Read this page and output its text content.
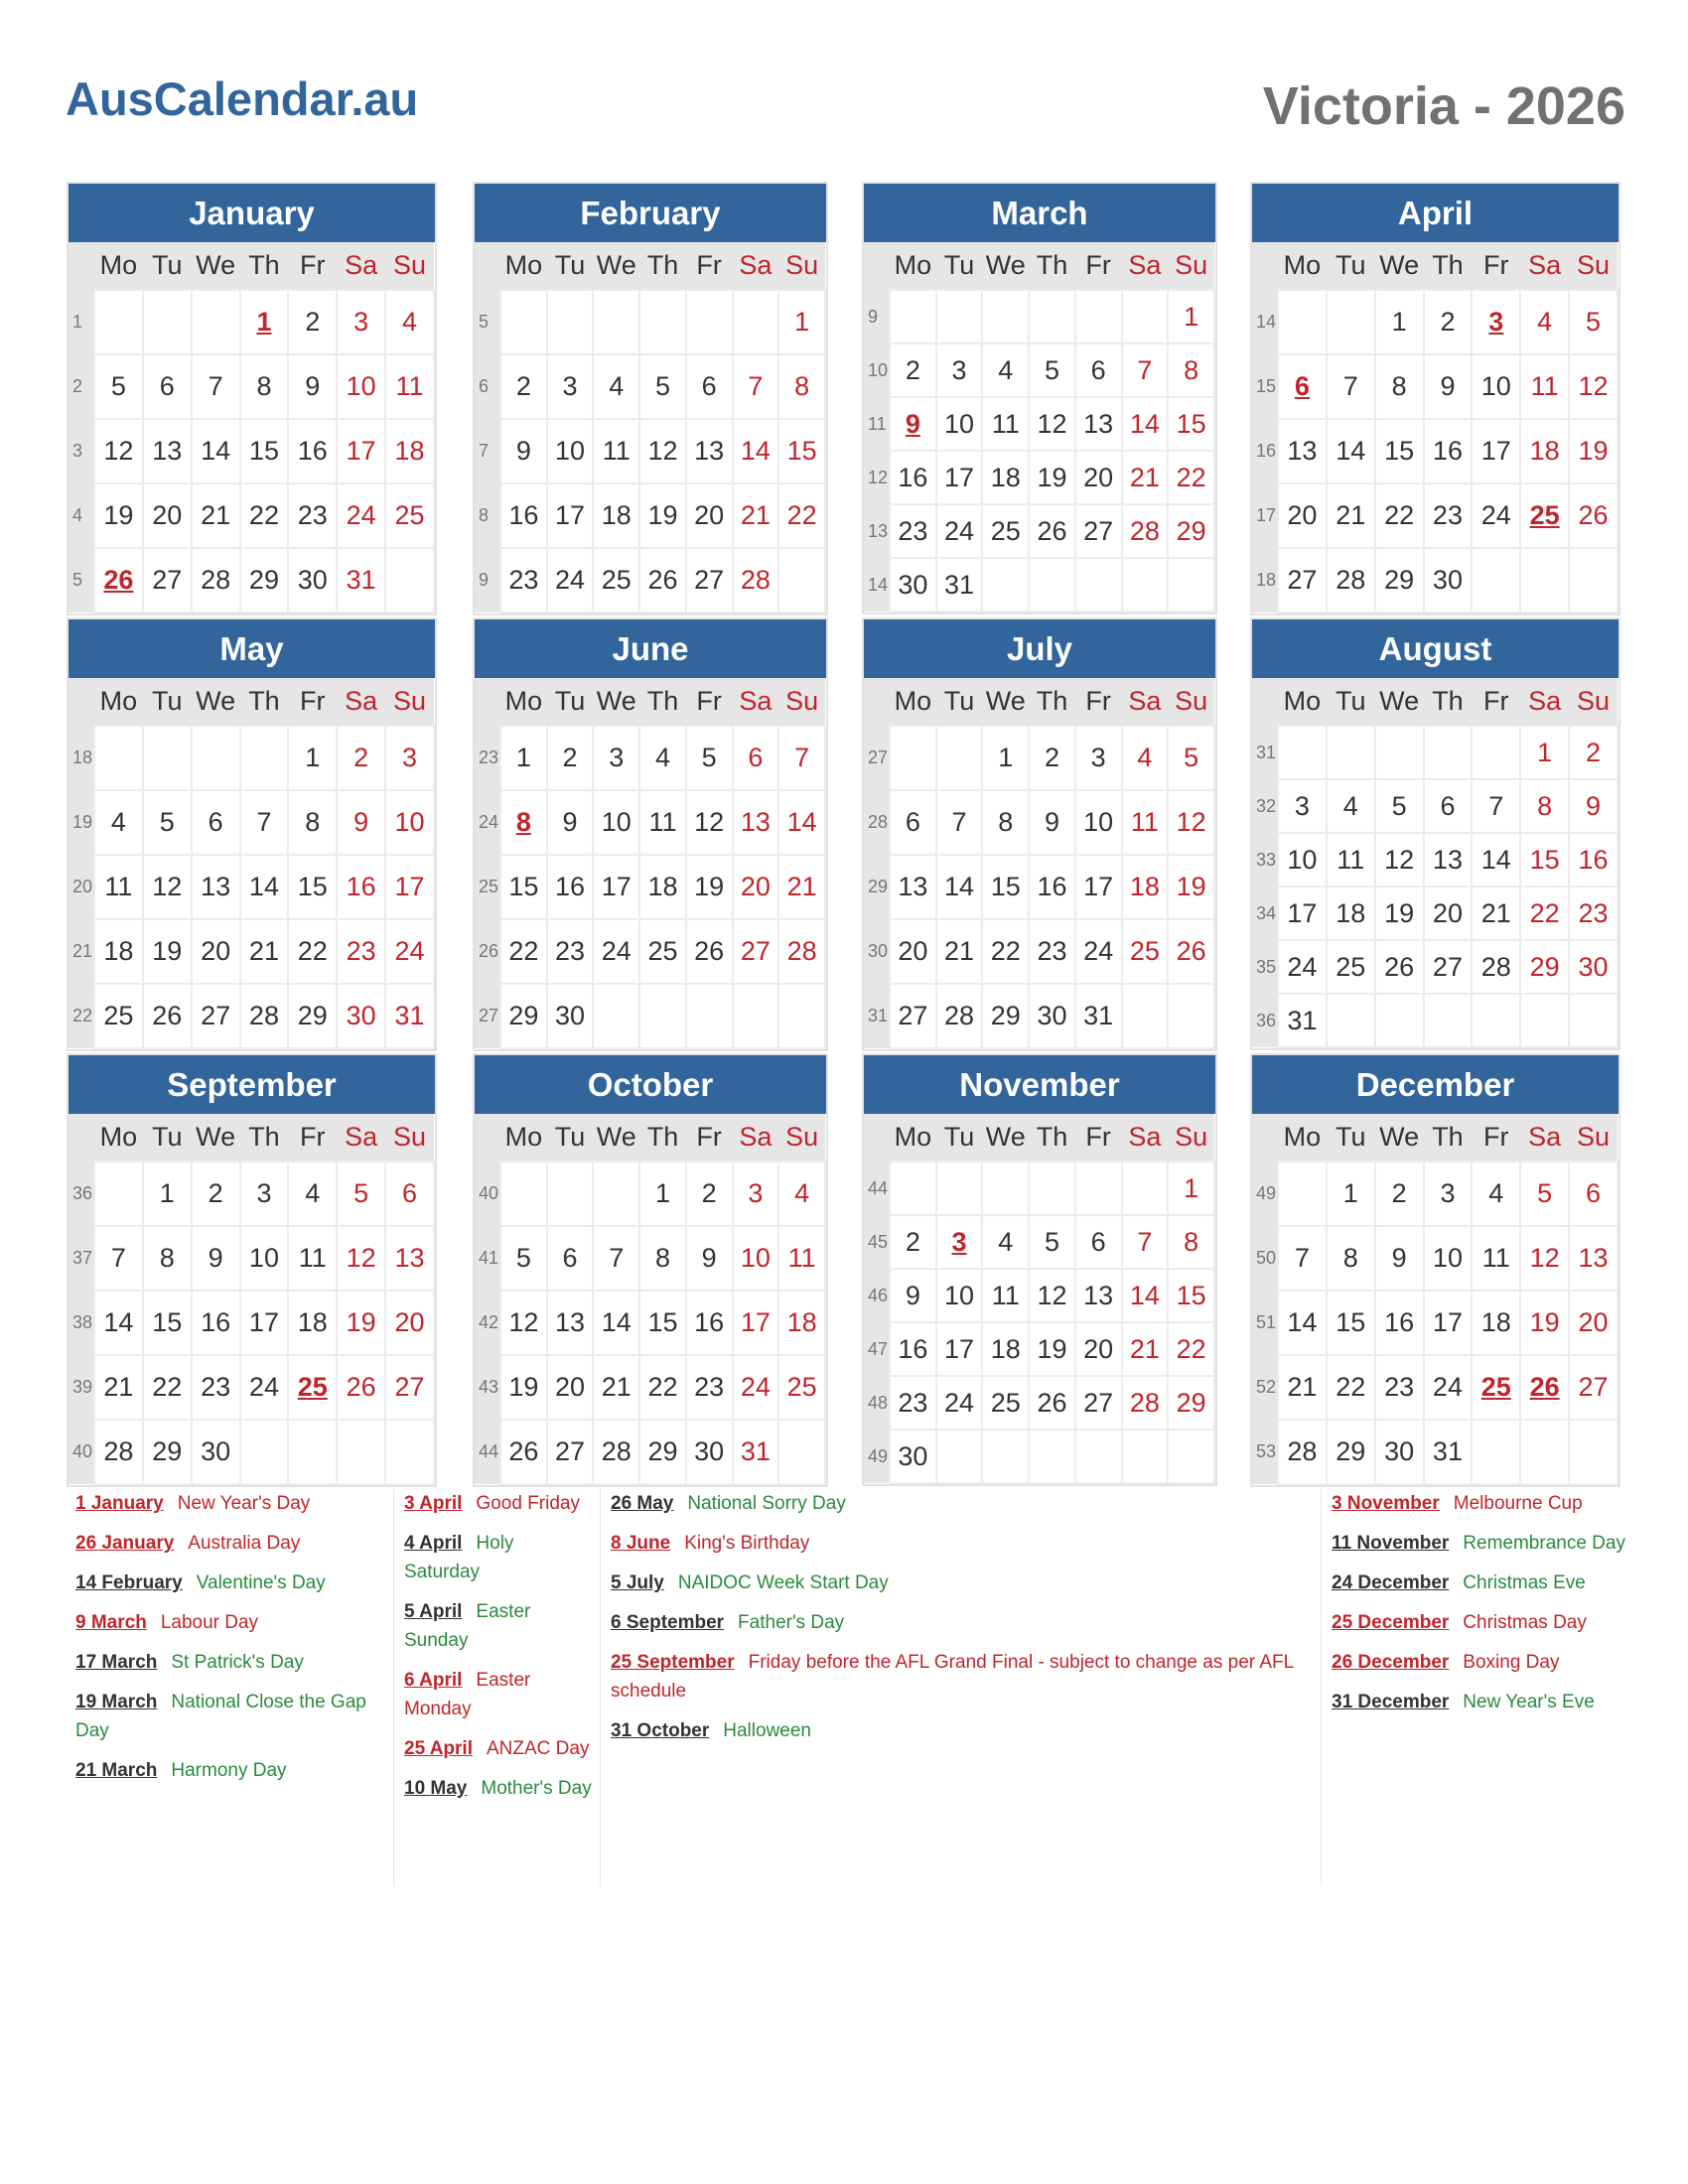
AusCalendar.au	Victoria - 2026
January
	Mo	Tu	We	Th	Fr	Sa	Su
1				1	2	3	4
2	5	6	7	8	9	10	11
3	12	13	14	15	16	17	18
4	19	20	21	22	23	24	25
5	26	27	28	29	30	31	
February
	Mo	Tu	We	Th	Fr	Sa	Su
5							1
6	2	3	4	5	6	7	8
7	9	10	11	12	13	14	15
8	16	17	18	19	20	21	22
9	23	24	25	26	27	28	
March
	Mo	Tu	We	Th	Fr	Sa	Su
9							1
10	2	3	4	5	6	7	8
11	9	10	11	12	13	14	15
12	16	17	18	19	20	21	22
13	23	24	25	26	27	28	29
14	30	31					
April
	Mo	Tu	We	Th	Fr	Sa	Su
14			1	2	3	4	5
15	6	7	8	9	10	11	12
16	13	14	15	16	17	18	19
17	20	21	22	23	24	25	26
18	27	28	29	30			
May
	Mo	Tu	We	Th	Fr	Sa	Su
18					1	2	3
19	4	5	6	7	8	9	10
20	11	12	13	14	15	16	17
21	18	19	20	21	22	23	24
22	25	26	27	28	29	30	31
June
	Mo	Tu	We	Th	Fr	Sa	Su
23	1	2	3	4	5	6	7
24	8	9	10	11	12	13	14
25	15	16	17	18	19	20	21
26	22	23	24	25	26	27	28
27	29	30					
July
	Mo	Tu	We	Th	Fr	Sa	Su
27			1	2	3	4	5
28	6	7	8	9	10	11	12
29	13	14	15	16	17	18	19
30	20	21	22	23	24	25	26
31	27	28	29	30	31		
August
	Mo	Tu	We	Th	Fr	Sa	Su
31						1	2
32	3	4	5	6	7	8	9
33	10	11	12	13	14	15	16
34	17	18	19	20	21	22	23
35	24	25	26	27	28	29	30
36	31						
September
	Mo	Tu	We	Th	Fr	Sa	Su
36		1	2	3	4	5	6
37	7	8	9	10	11	12	13
38	14	15	16	17	18	19	20
39	21	22	23	24	25	26	27
40	28	29	30				
October
	Mo	Tu	We	Th	Fr	Sa	Su
40				1	2	3	4
41	5	6	7	8	9	10	11
42	12	13	14	15	16	17	18
43	19	20	21	22	23	24	25
44	26	27	28	29	30	31	
November
	Mo	Tu	We	Th	Fr	Sa	Su
44							1
45	2	3	4	5	6	7	8
46	9	10	11	12	13	14	15
47	16	17	18	19	20	21	22
48	23	24	25	26	27	28	29
49	30						
December
	Mo	Tu	We	Th	Fr	Sa	Su
49		1	2	3	4	5	6
50	7	8	9	10	11	12	13
51	14	15	16	17	18	19	20
52	21	22	23	24	25	26	27
53	28	29	30	31			
1 January New Year's Day
26 January Australia Day
14 February Valentine's Day
9 March Labour Day
17 March St Patrick's Day
19 March National Close the Gap Day
21 March Harmony Day
3 April Good Friday
4 April Holy Saturday
5 April Easter Sunday
6 April Easter Monday
25 April ANZAC Day
10 May Mother's Day
26 May National Sorry Day
8 June King's Birthday
5 July NAIDOC Week Start Day
6 September Father's Day
25 September Friday before the AFL Grand Final - subject to change as per AFL schedule
31 October Halloween
3 November Melbourne Cup
11 November Remembrance Day
24 December Christmas Eve
25 December Christmas Day
26 December Boxing Day
31 December New Year's Eve
